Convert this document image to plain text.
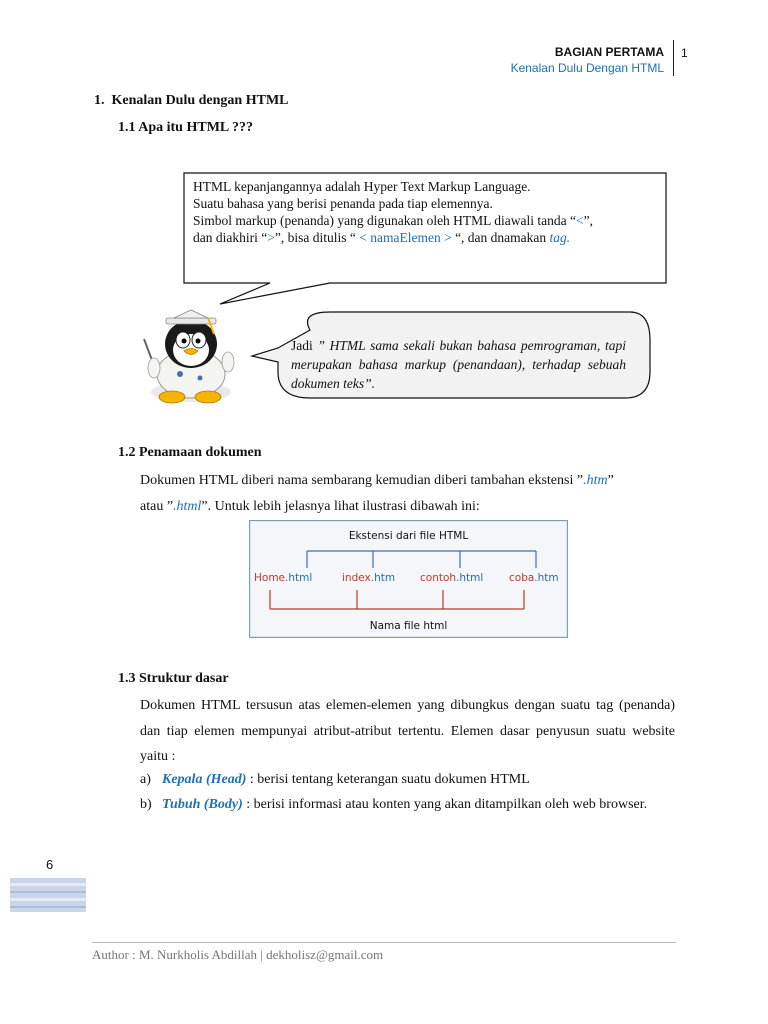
BAGIAN PERTAMA
Kenalan Dulu Dengan HTML
1
1.  Kenalan Dulu dengan HTML
1.1 Apa itu HTML ???
HTML kepanjangannya adalah Hyper Text Markup Language.
Suatu bahasa yang berisi penanda pada tiap elemennya.
Simbol markup (penanda) yang digunakan oleh HTML diawali tanda “<”,
dan diakhiri “>”, bisa ditulis “ < namaElemen > “, dan dnamakan tag.
Jadi ” HTML sama sekali bukan bahasa pemrograman, tapi merupakan bahasa markup (penandaan), terhadap sebuah dokumen teks”.
1.2 Penamaan dokumen
Dokumen HTML diberi nama sembarang kemudian diberi tambahan ekstensi ”.htm”
atau ”.html”. Untuk lebih jelasnya lihat ilustrasi dibawah ini:
Ekstensi dari file HTML
Home.html	index.htm contoh.html coba.htm
Nama file html
1.3 Struktur dasar
Dokumen HTML tersusun atas elemen-elemen yang dibungkus dengan suatu tag (penanda) dan tiap elemen mempunyai atribut-atribut tertentu. Elemen dasar penyusun suatu website yaitu :
a) Kepala (Head) : berisi tentang keterangan suatu dokumen HTML
b) Tubuh (Body) : berisi informasi atau konten yang akan ditampilkan oleh web browser.
6
Author : M. Nurkholis Abdillah | dekholisz@gmail.com
